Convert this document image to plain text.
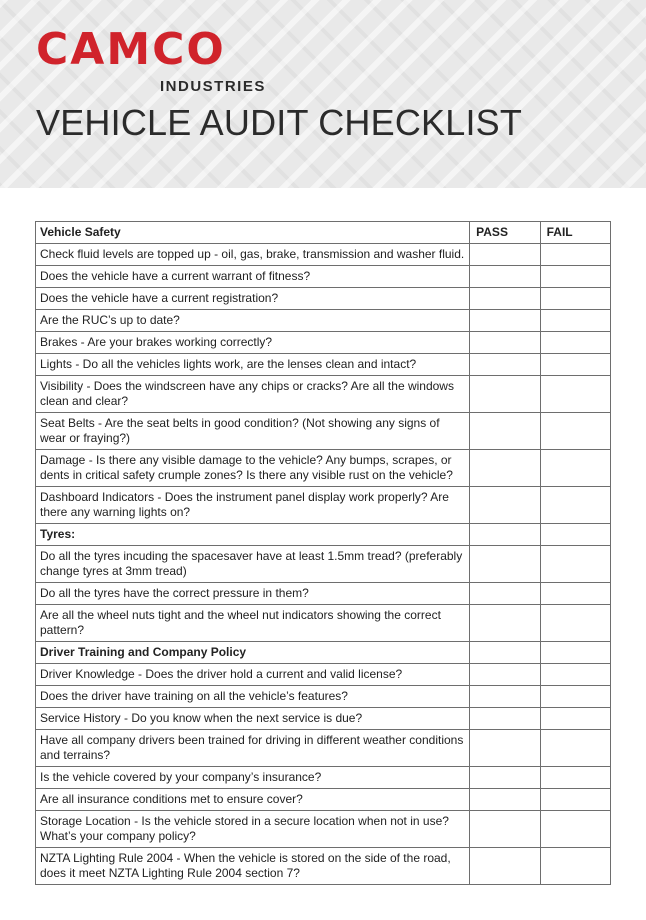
CAMCO
INDUSTRIES
VEHICLE AUDIT CHECKLIST
Vehicle Safety	PASS	FAIL
Check fluid levels are topped up - oil, gas, brake, transmission and washer fluid.		
Does the vehicle have a current warrant of fitness?		
Does the vehicle have a current registration?		
Are the RUC’s up to date?		
Brakes - Are your brakes working correctly?		
Lights - Do all the vehicles lights work, are the lenses clean and intact?		
Visibility - Does the windscreen have any chips or cracks? Are all the windows clean and clear?		
Seat Belts - Are the seat belts in good condition? (Not showing any signs of wear or fraying?)		
Damage - Is there any visible damage to the vehicle? Any bumps, scrapes, or dents in critical safety crumple zones? Is there any visible rust on the vehicle?		
Dashboard Indicators - Does the instrument panel display work properly? Are there any warning lights on?		
Tyres:		
Do all the tyres incuding the spacesaver have at least 1.5mm tread? (preferably change tyres at 3mm tread)		
Do all the tyres have the correct pressure in them?		
Are all the wheel nuts tight and the wheel nut indicators showing the correct pattern?		
Driver Training and Company Policy		
Driver Knowledge - Does the driver hold a current and valid license?		
Does the driver have training on all the vehicle’s features?		
Service History - Do you know when the next service is due?		
Have all company drivers been trained for driving in different weather conditions and terrains?		
Is the vehicle covered by your company’s insurance?		
Are all insurance conditions met to ensure cover?		
Storage Location - Is the vehicle stored in a secure location when not in use? What’s your company policy?		
NZTA Lighting Rule 2004 - When the vehicle is stored on the side of the road, does it meet NZTA Lighting Rule 2004 section 7?		
